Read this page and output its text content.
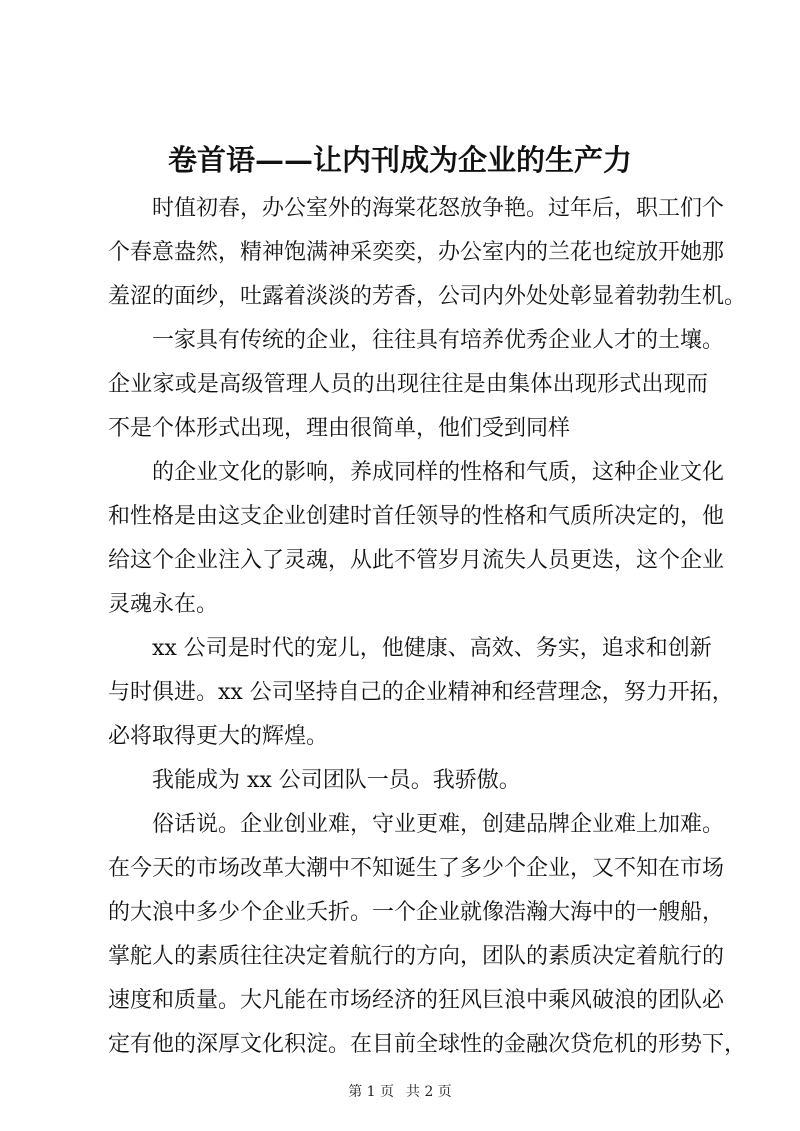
卷首语——让内刊成为企业的生产力

时值初春，办公室外的海棠花怒放争艳。过年后，职工们个

个春意盎然，精神饱满神采奕奕，办公室内的兰花也绽放开她那

羞涩的面纱，吐露着淡淡的芳香，公司内外处处彰显着勃勃生机。

一家具有传统的企业，往往具有培养优秀企业人才的土壤。

企业家或是高级管理人员的出现往往是由集体出现形式出现而

不是个体形式出现，理由很简单，他们受到同样

的企业文化的影响，养成同样的性格和气质，这种企业文化

和性格是由这支企业创建时首任领导的性格和气质所决定的，他

给这个企业注入了灵魂，从此不管岁月流失人员更迭，这个企业

灵魂永在。

xx 公司是时代的宠儿，他健康、高效、务实，追求和创新

与时俱进。xx 公司坚持自己的企业精神和经营理念，努力开拓，

必将取得更大的辉煌。

我能成为 xx 公司团队一员。我骄傲。

俗话说。企业创业难，守业更难，创建品牌企业难上加难。

在今天的市场改革大潮中不知诞生了多少个企业，又不知在市场

的大浪中多少个企业夭折。一个企业就像浩瀚大海中的一艘船，

掌舵人的素质往往决定着航行的方向，团队的素质决定着航行的

速度和质量。大凡能在市场经济的狂风巨浪中乘风破浪的团队必

定有他的深厚文化积淀。在目前全球性的金融次贷危机的形势下，

第 1 页 共 2 页
